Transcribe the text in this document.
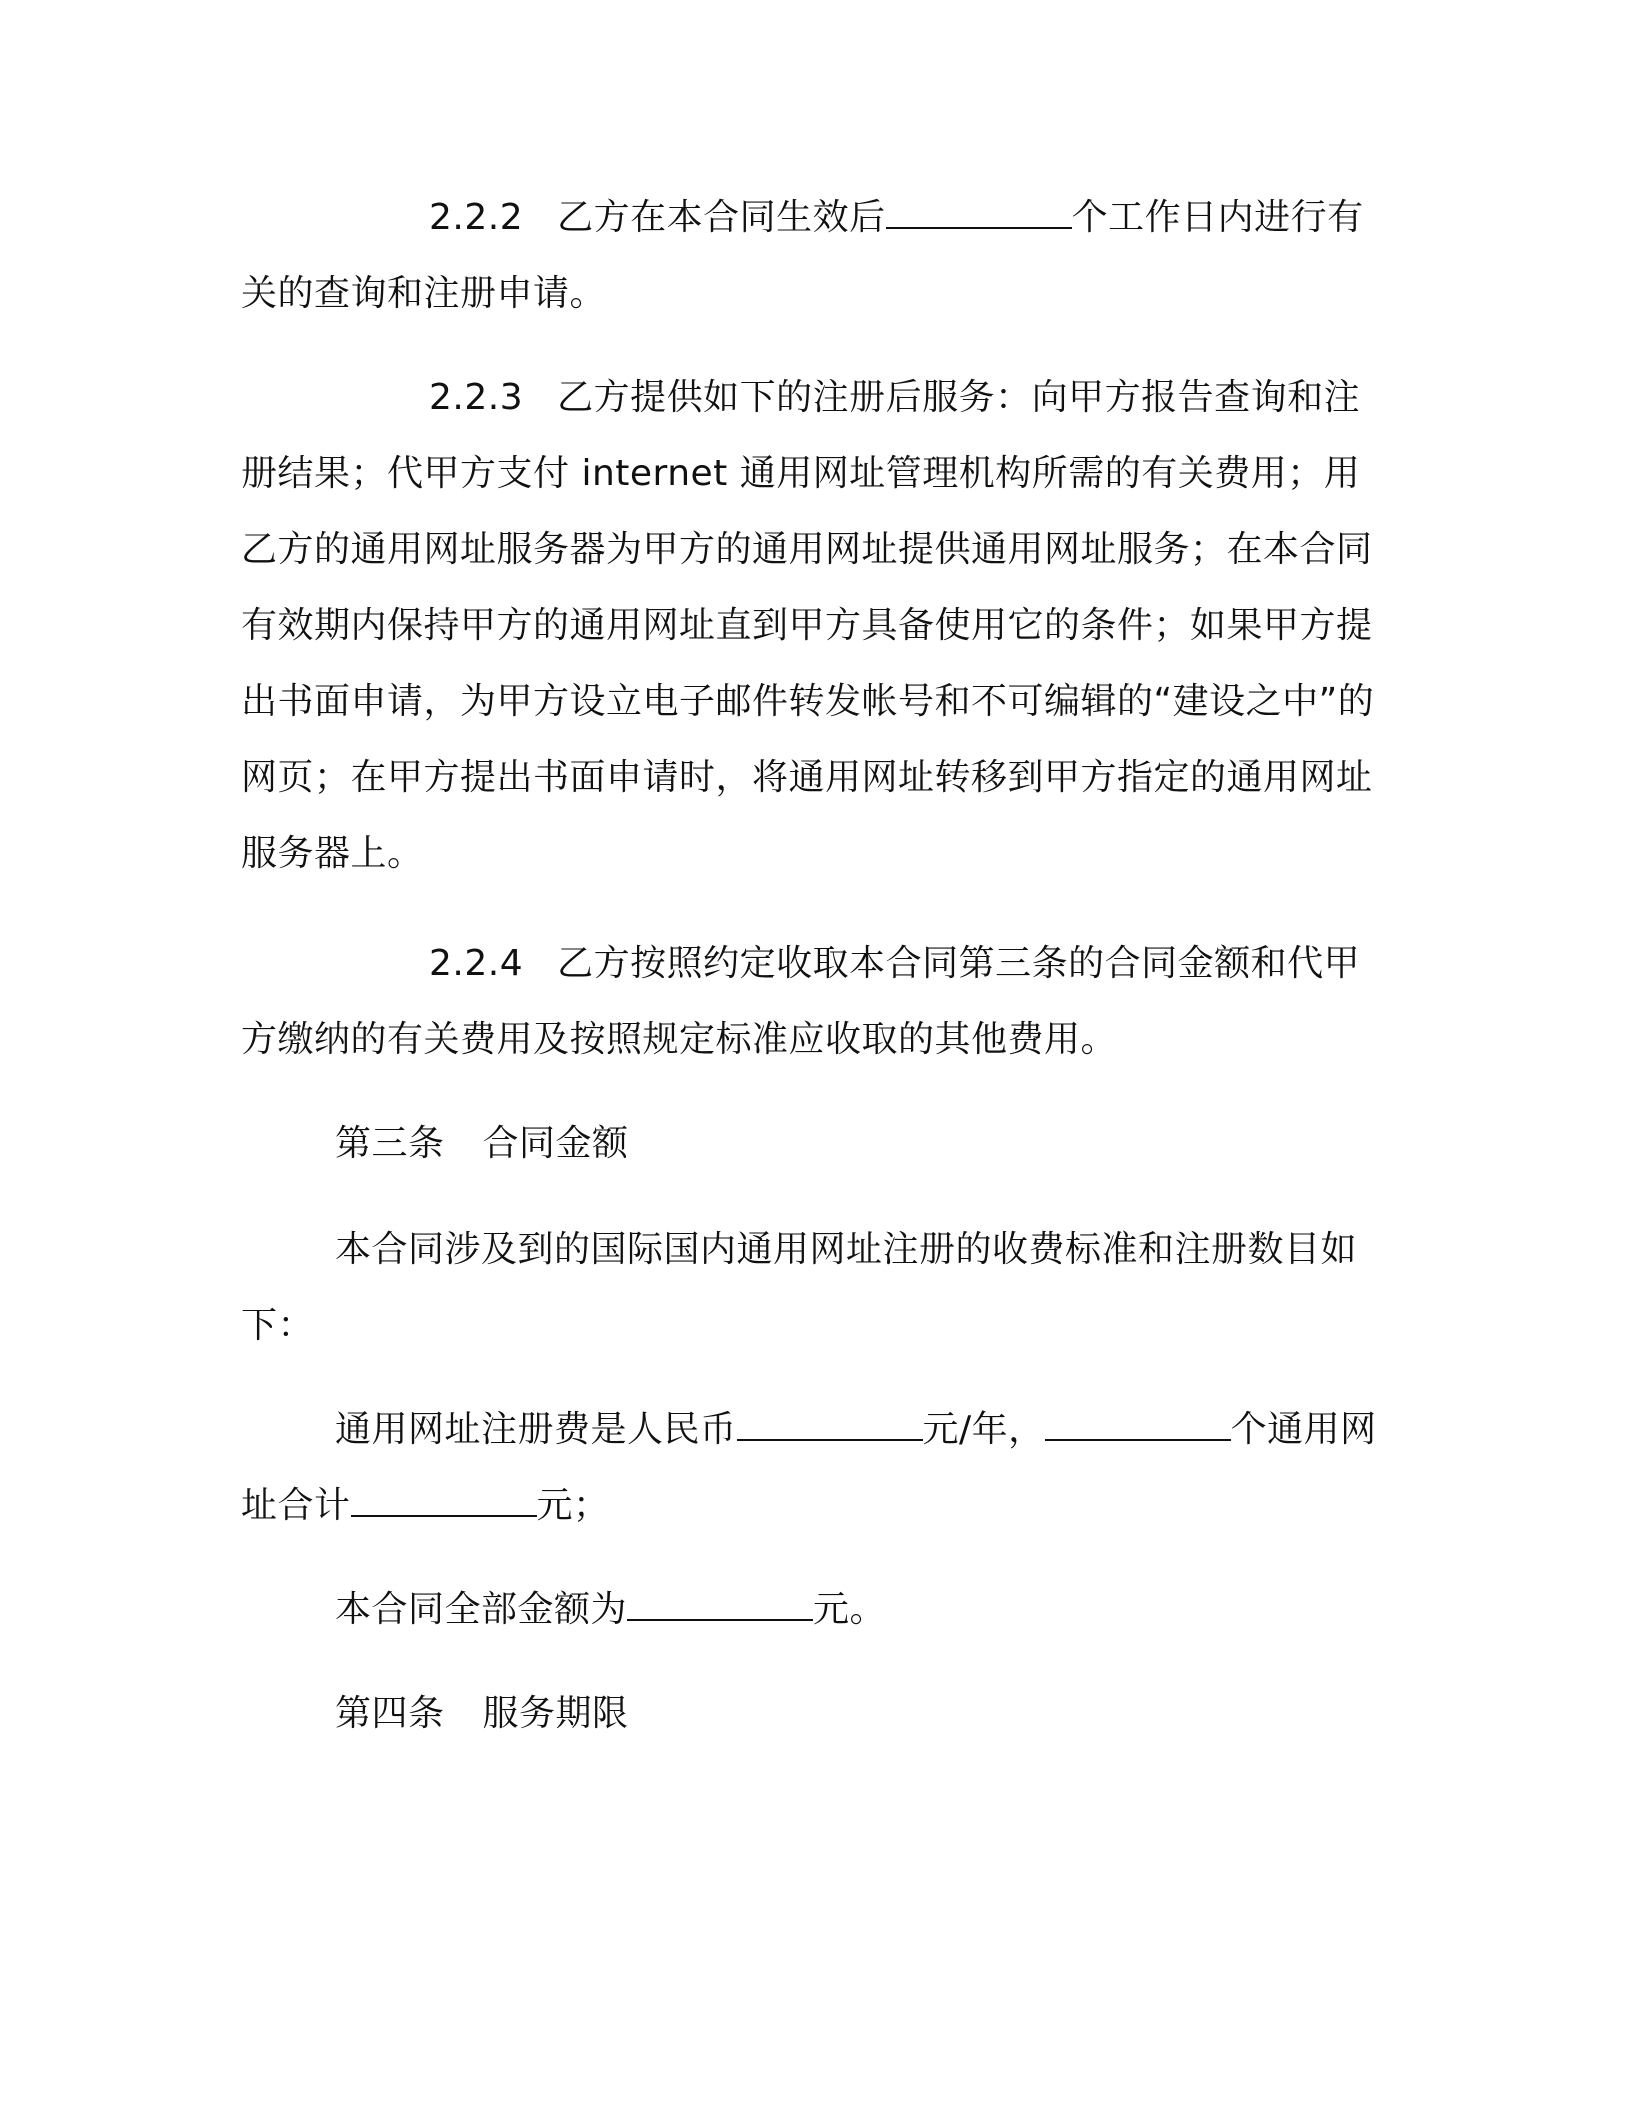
2.2.2 乙方在本合同生效后	个工作日内进行有关的查询和注册申请。

2.2.3 乙方提供如下的注册后服务：向甲方报告查询和注册结果；代甲方支付 internet 通用网址管理机构所需的有关费用；用乙方的通用网址服务器为甲方的通用网址提供通用网址服务；在本合同有效期内保持甲方的通用网址直到甲方具备使用它的条件；如果甲方提出书面申请，为甲方设立电子邮件转发帐号和不可编辑的“建设之中”的网页；在甲方提出书面申请时，将通用网址转移到甲方指定的通用网址服务器上。

2.2.4 乙方按照约定收取本合同第三条的合同金额和代甲方缴纳的有关费用及按照规定标准应收取的其他费用。

第三条 合同金额

本合同涉及到的国际国内通用网址注册的收费标准和注册数目如下：

通用网址注册费是人民币	元/年，	个通用网址合计	元；

本合同全部金额为	元。

第四条 服务期限
